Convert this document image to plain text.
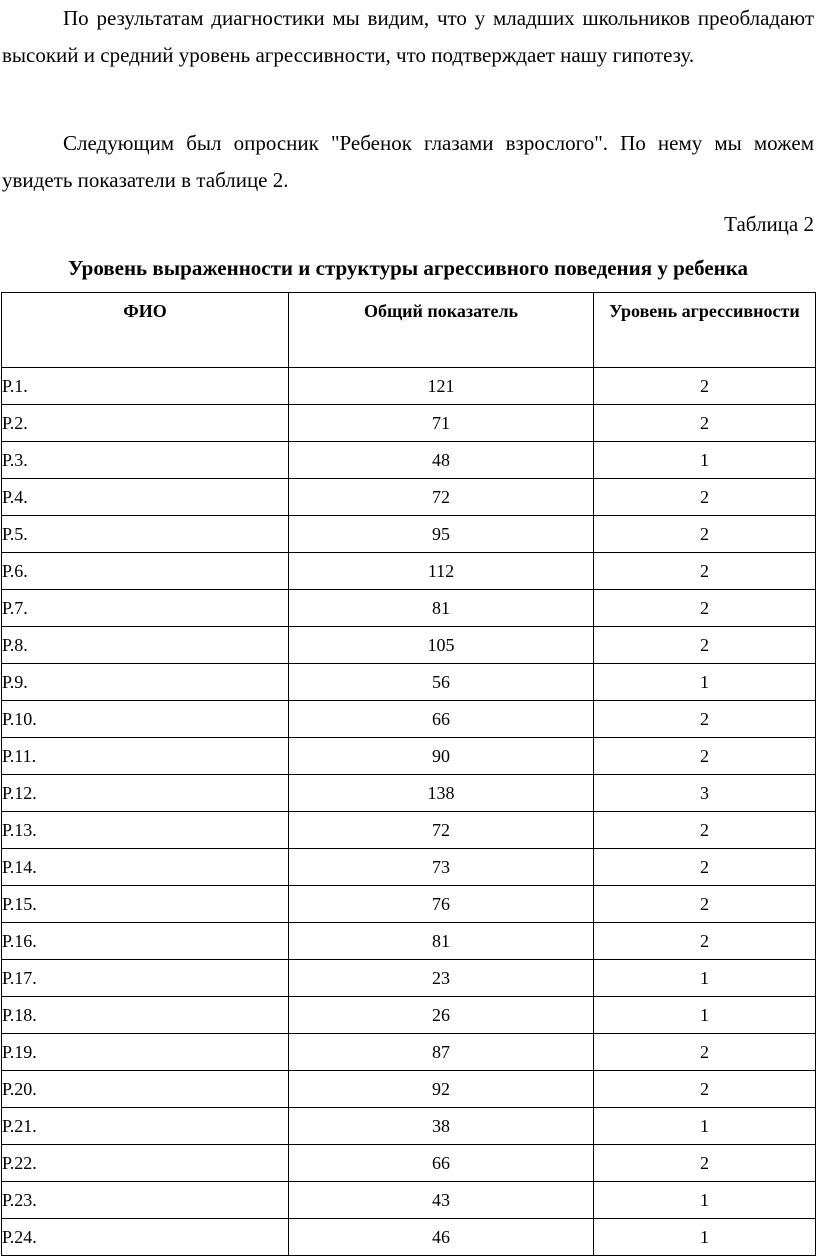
По результатам диагностики мы видим, что у младших школьников преобладают высокий и средний уровень агрессивности, что подтверждает нашу гипотезу.

Следующим был опросник "Ребенок глазами взрослого". По нему мы можем увидеть показатели в таблице 2.

Таблица 2

Уровень выраженности и структуры агрессивного поведения у ребенка

ФИО	Общий показатель	Уровень агрессивности

Р.1.	121	2
Р.2.	71	2
Р.3.	48	1
Р.4.	72	2
Р.5.	95	2
Р.6.	112	2
Р.7.	81	2
Р.8.	105	2
Р.9.	56	1
Р.10.	66	2
Р.11.	90	2
Р.12.	138	3
Р.13.	72	2
Р.14.	73	2
Р.15.	76	2
Р.16.	81	2
Р.17.	23	1
Р.18.	26	1
Р.19.	87	2
Р.20.	92	2
Р.21.	38	1
Р.22.	66	2
Р.23.	43	1
Р.24.	46	1
